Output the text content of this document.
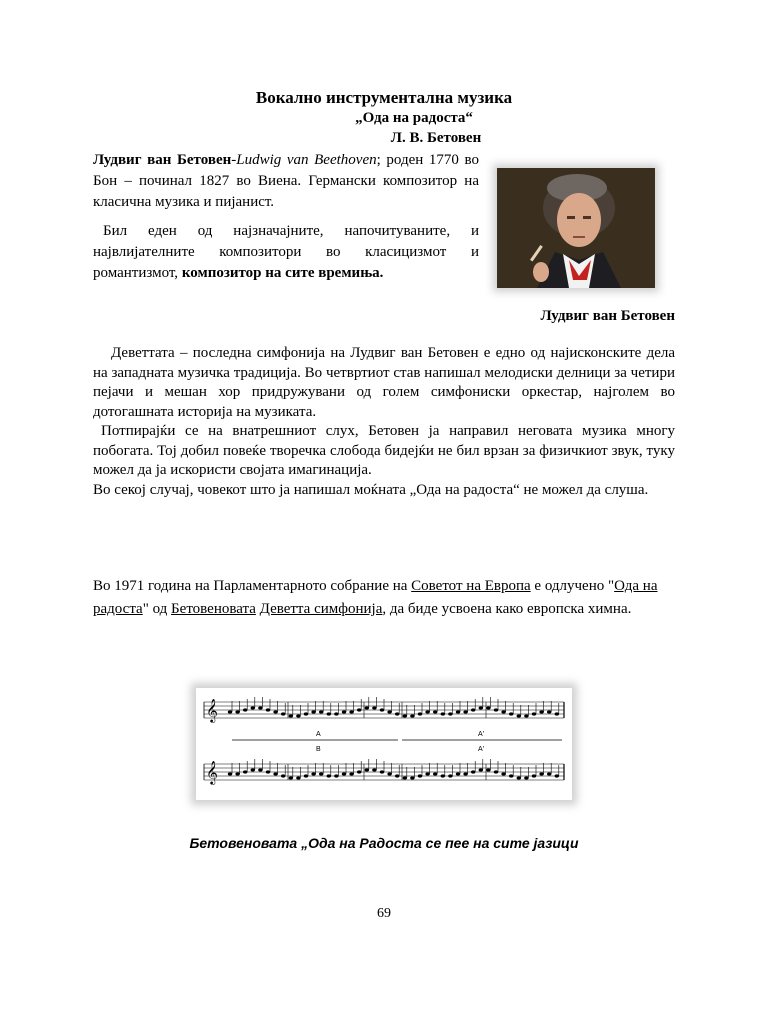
Вокално инструментална музика
„Ода на радоста“
Л. В. Бетовен

Лудвиг ван Бетовен-Ludwig van Beethoven; роден 1770 во Бон – починал 1827 во Виена. Германски композитор на класична музика и пијанист.

Бил еден од најзначајните, напочитуваните, и највлијателните композитори во класицизмот и романтизмот, композитор на сите времиња.

Лудвиг ван Бетовен

Деветтата – последна симфонија на Лудвиг ван Бетовен е едно од најисконските дела на западната музичка традиција. Во четвртиот став напишал мелодиски делници за четири пејачи и мешан хор придружувани од голем симфониски оркестар, најголем во дотогашната историја на музиката.

Потпирајќи се на внатрешниот слух, Бетовен ја направил неговата музика многу побогата. Тој добил повеќе творечка слобода бидејќи не бил врзан за физичкиот звук, туку можел да ја искористи својата имагинација.

Во секој случај, човекот што ја напишал моќната „Ода на радоста“ не можел да слуша.

Во 1971 година на Парламентарното собрание на Советот на Европа е одлучено "Ода на радоста" од Бетовеновата Деветта симфонија, да биде усвоена како европска химна.
𝄞
𝄞
A	A'
B	A'
Бетовеновата „Ода на Радоста се пее на сите јазици
69
